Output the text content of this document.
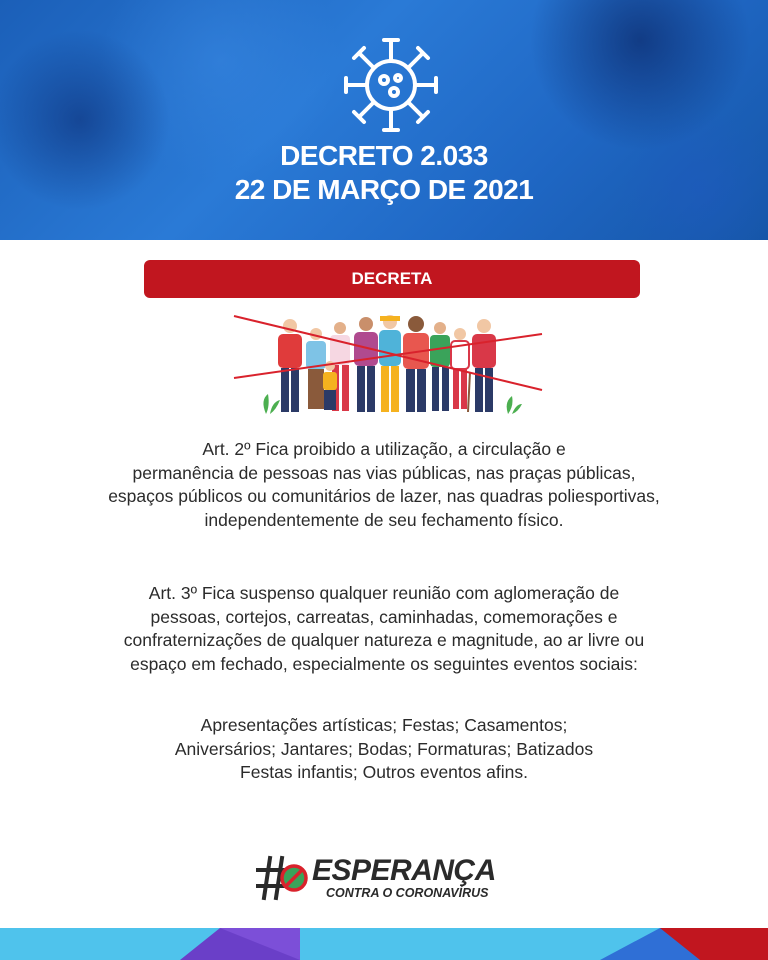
DECRETO 2.033
22 DE MARÇO DE 2021
DECRETA
Art. 2º Fica proibido a utilização, a circulação e
permanência de pessoas nas vias públicas, nas praças públicas,
espaços públicos ou comunitários de lazer, nas quadras poliesportivas,
independentemente de seu fechamento físico.
Art. 3º Fica suspenso qualquer reunião com aglomeração de
pessoas, cortejos, carreatas, caminhadas, comemorações e
confraternizações de qualquer natureza e magnitude, ao ar livre ou
espaço em fechado, especialmente os seguintes eventos sociais:
Apresentações artísticas; Festas; Casamentos;
Aniversários; Jantares; Bodas; Formaturas; Batizados
Festas infantis; Outros eventos afins.
ESPERANÇA
CONTRA O CORONAVÍRUS
